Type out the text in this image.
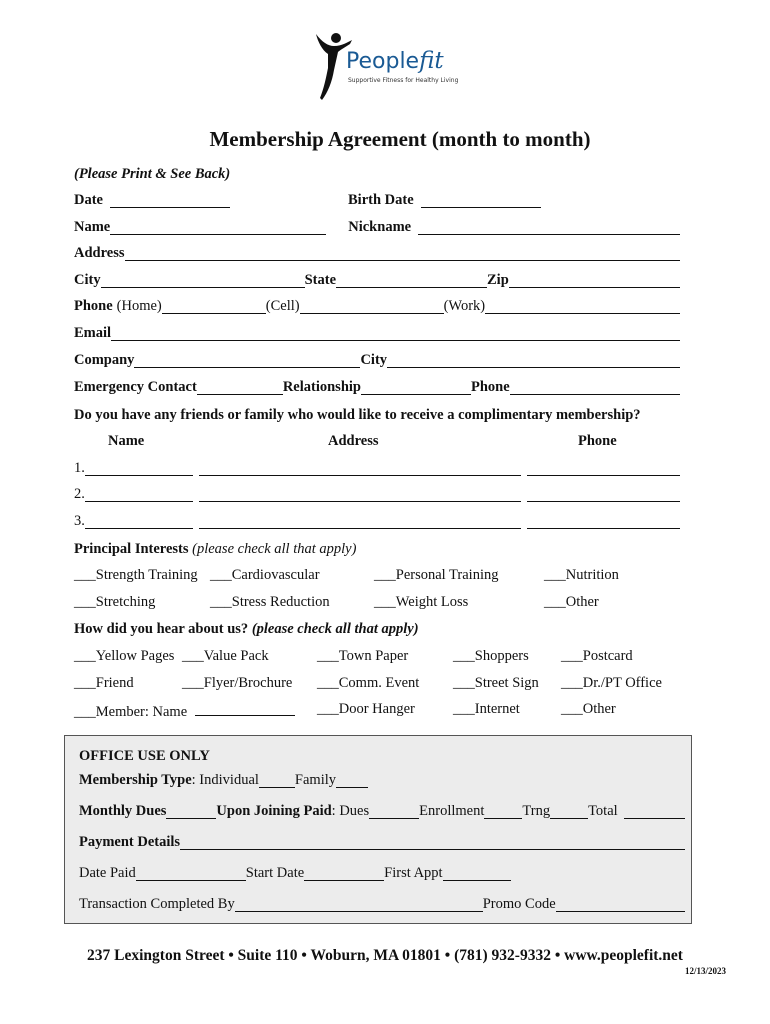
Peoplefit
Supportive Fitness for Healthy Living
Membership Agreement (month to month)
(Please Print & See Back)
Date	Birth Date
Name	Nickname
Address
City	State	Zip
Phone (Home)	(Cell)	(Work)
Email
Company	City
Emergency Contact	Relationship	Phone
Do you have any friends or family who would like to receive a complimentary membership?
Name	Address	Phone
1.
2.
3.
Principal Interests (please check all that apply)
___Strength Training ___Cardiovascular	___Personal Training	___Nutrition
___Stretching	___Stress Reduction	___Weight Loss	___Other
How did you hear about us? (please check all that apply)
___Yellow Pages ___Value Pack	___Town Paper	___Shoppers ___Postcard
___Friend	___Flyer/Brochure ___Comm. Event ___Street Sign ___Dr./PT Office
___Member: Name	___Door Hanger	___Internet	___Other
OFFICE USE ONLY
Membership Type : Individual Family
Monthly Dues	Upon Joining Paid : Dues	Enrollment	Trng	Total
Payment Details
Date Paid	Start Date	First Appt
Transaction Completed By	Promo Code
237 Lexington Street • Suite 110 • Woburn, MA 01801 • (781) 932-9332 • www.peoplefit.net
12/13/2023
